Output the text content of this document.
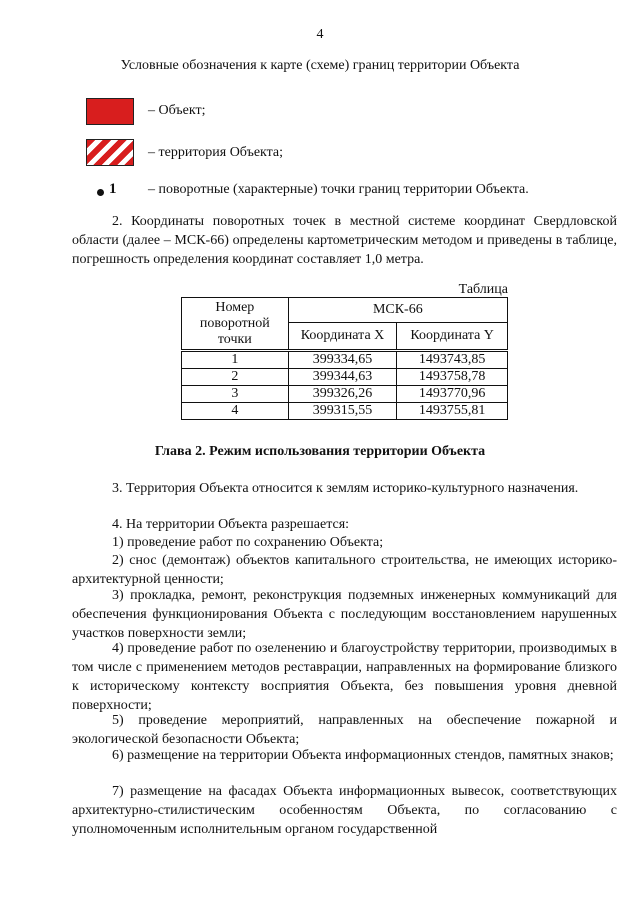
4
Условные обозначения к карте (схеме) границ территории Объекта
– Объект;
– территория Объекта;
1 – поворотные (характерные) точки границ территории Объекта.
2. Координаты поворотных точек в местной системе координат Свердловской области (далее – МСК-66) определены картометрическим методом и приведены в таблице, погрешность определения координат составляет 1,0 метра.
Таблица
Номер поворотной точки	МСК-66	
	Координата X	Координата Y
1	399334,65	1493743,85
2	399344,63	1493758,78
3	399326,26	1493770,96
4	399315,55	1493755,81
Глава 2. Режим использования территории Объекта
3. Территория Объекта относится к землям историко-культурного назначения.
4. На территории Объекта разрешается:
1) проведение работ по сохранению Объекта;
2) снос (демонтаж) объектов капитального строительства, не имеющих историко-архитектурной ценности;
3) прокладка, ремонт, реконструкция подземных инженерных коммуникаций для обеспечения функционирования Объекта с последующим восстановлением нарушенных участков поверхности земли;
4) проведение работ по озеленению и благоустройству территории, производимых в том числе с применением методов реставрации, направленных на формирование близкого к историческому контексту восприятия Объекта, без повышения уровня дневной поверхности;
5) проведение мероприятий, направленных на обеспечение пожарной и экологической безопасности Объекта;
6) размещение на территории Объекта информационных стендов, памятных знаков;
7) размещение на фасадах Объекта информационных вывесок, соответствующих архитектурно-стилистическим особенностям Объекта, по согласованию с уполномоченным исполнительным органом государственной
